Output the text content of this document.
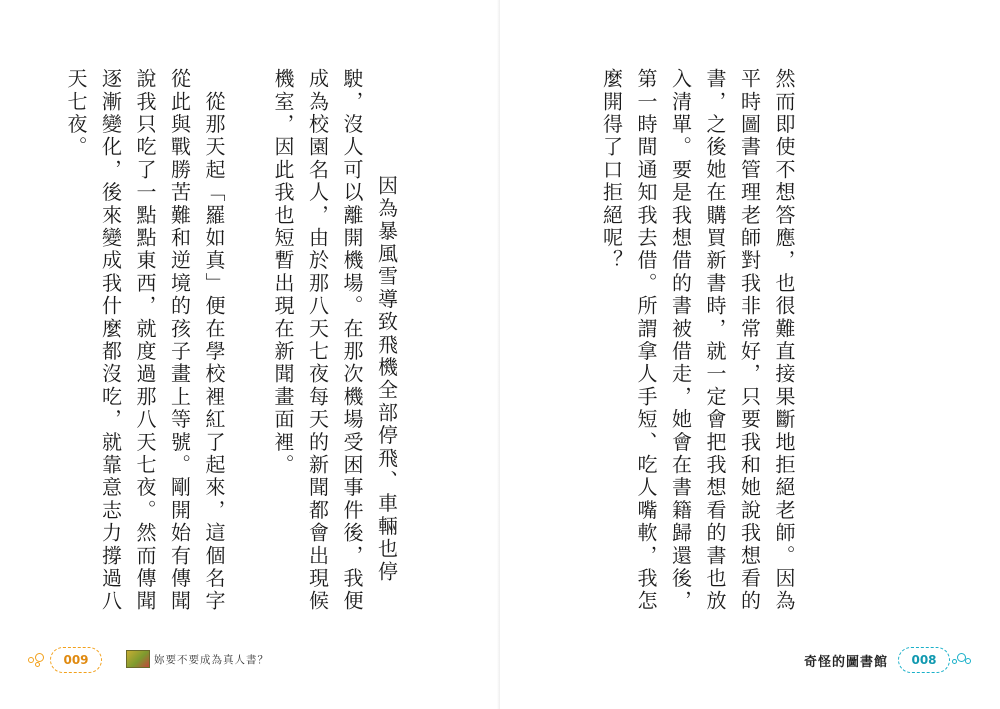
因為暴風雪導致飛機全部停飛、車輛也停駛，沒人可以離開機場。在那次機場受困事件後，我便成為校園名人，由於那八天七夜每天的新聞都會出現候機室，因此我也短暫出現在新聞畫面裡。

　從那天起「羅如真」便在學校裡紅了起來，這個名字從此與戰勝苦難和逆境的孩子畫上等號。剛開始有傳聞說我只吃了一點點東西，就度過那八天七夜。然而傳聞逐漸變化，後來變成我什麼都沒吃，就靠意志力撐過八天七夜。

009	妳要不要成為真人書？

然而即使不想答應，也很難直接果斷地拒絕老師。因為平時圖書管理老師對我非常好，只要我和她說我想看的書，之後她在購買新書時，就一定會把我想看的書也放入清單。要是我想借的書被借走，她會在書籍歸還後，第一時間通知我去借。所謂拿人手短、吃人嘴軟，我怎麼開得了口拒絕呢？

奇怪的圖書館	008
